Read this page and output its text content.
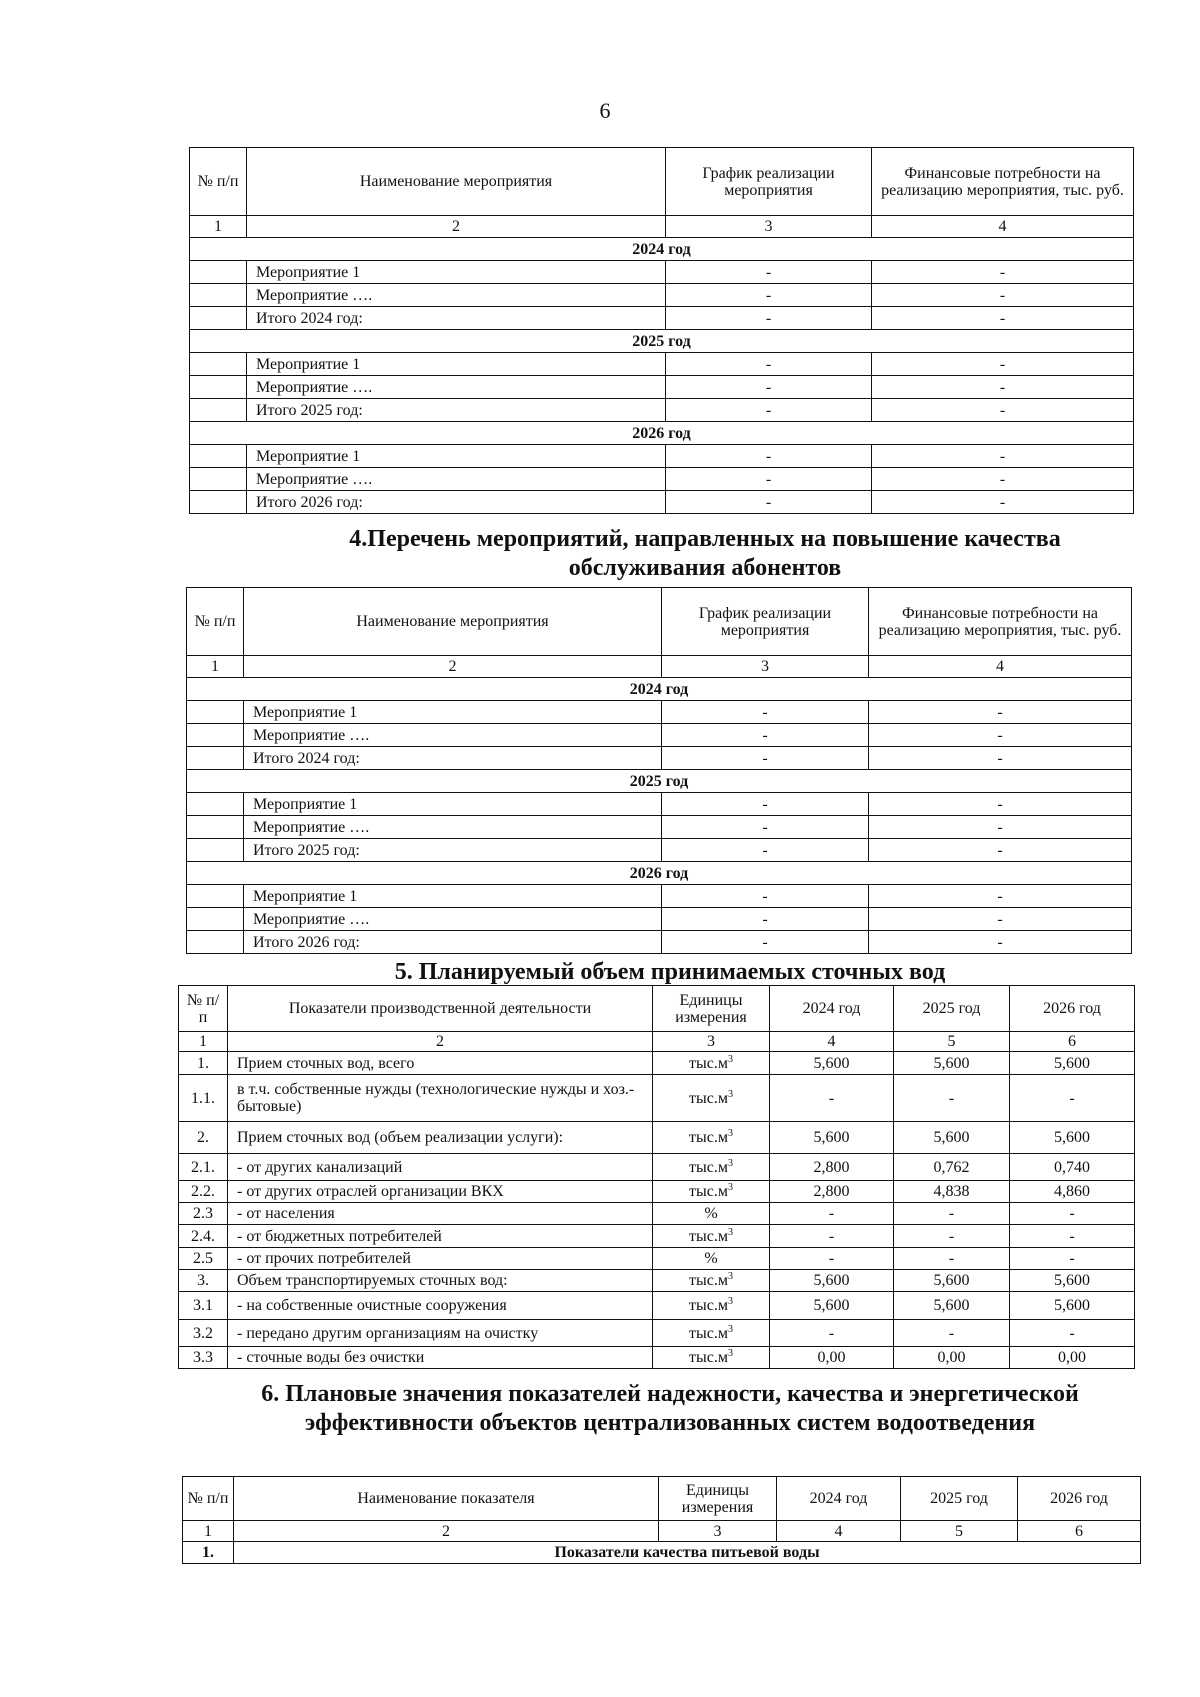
6
№ п/п	Наименование мероприятия	График реализации мероприятия	Финансовые потребности на реализацию мероприятия, тыс. руб.
1	2	3	4
2024 год			
	Мероприятие 1	-	-
	Мероприятие ….	-	-
	Итого 2024 год:	-	-
2025 год			
	Мероприятие 1	-	-
	Мероприятие ….	-	-
	Итого 2025 год:	-	-
2026 год			
	Мероприятие 1	-	-
	Мероприятие ….	-	-
	Итого 2026 год:	-	-
4.Перечень мероприятий, направленных на повышение качества обслуживания абонентов
№ п/п	Наименование мероприятия	График реализации мероприятия	Финансовые потребности на реализацию мероприятия, тыс. руб.
1	2	3	4
2024 год			
	Мероприятие 1	-	-
	Мероприятие ….	-	-
	Итого 2024 год:	-	-
2025 год			
	Мероприятие 1	-	-
	Мероприятие ….	-	-
	Итого 2025 год:	-	-
2026 год			
	Мероприятие 1	-	-
	Мероприятие ….	-	-
	Итого 2026 год:	-	-
5. Планируемый объем принимаемых сточных вод
№ п/п	Показатели производственной деятельности	Единицы измерения	2024 год	2025 год	2026 год
1	2	3	4	5	6
1.	Прием сточных вод, всего	$тыс.м^3$	5,600	5,600	5,600
1.1.	в т.ч. собственные нужды (технологические нужды и хоз.-бытовые)	$тыс.м^3$	-	-	-
2.	Прием сточных вод (объем реализации услуги):	$тыс.м^3$	5,600	5,600	5,600
2.1.	- от других канализаций	$тыс.м^3$	2,800	0,762	0,740
2.2.	- от других отраслей организации ВКХ	$тыс.м^3$	2,800	4,838	4,860
2.3	- от населения	%	-	-	-
2.4.	- от бюджетных потребителей	$тыс.м^3$	-	-	-
2.5	- от прочих потребителей	%	-	-	-
3.	Объем транспортируемых сточных вод:	$тыс.м^3$	5,600	5,600	5,600
3.1	- на собственные очистные сооружения	$тыс.м^3$	5,600	5,600	5,600
3.2	- передано другим организациям на очистку	$тыс.м^3$	-	-	-
3.3	- сточные воды без очистки	$тыс.м^3$	0,00	0,00	0,00
6. Плановые значения показателей надежности, качества и энергетической эффективности объектов централизованных систем водоотведения
№ п/п	Наименование показателя	Единицы измерения	2024 год	2025 год	2026 год
1	2	3	4	5	6
1.	Показатели качества питьевой воды				
